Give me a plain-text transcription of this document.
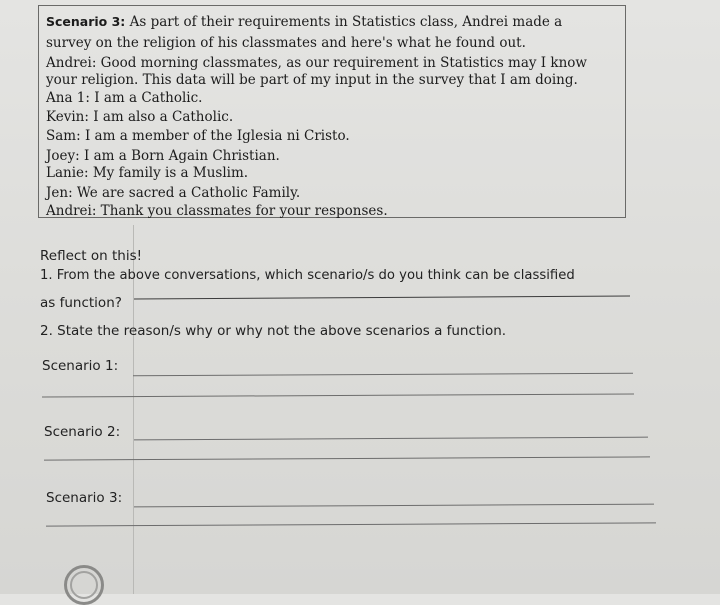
Scenario 3: As part of their requirements in Statistics class, Andrei made a
survey on the religion of his classmates and here's what he found out.
Andrei: Good morning classmates, as our requirement in Statistics may I know
your religion. This data will be part of my input in the survey that I am doing.
Ana 1: I am a Catholic.
Kevin: I am also a Catholic.
Sam: I am a member of the Iglesia ni Cristo.
Joey: I am a Born Again Christian.
Lanie: My family is a Muslim.
Jen: We are sacred a Catholic Family.
Andrei: Thank you classmates for your responses.
Reflect on this!
1. From the above conversations, which scenario/s do you think can be classified
as function?
2. State the reason/s why or why not the above scenarios a function.
Scenario 1:
Scenario 2:
Scenario 3:
